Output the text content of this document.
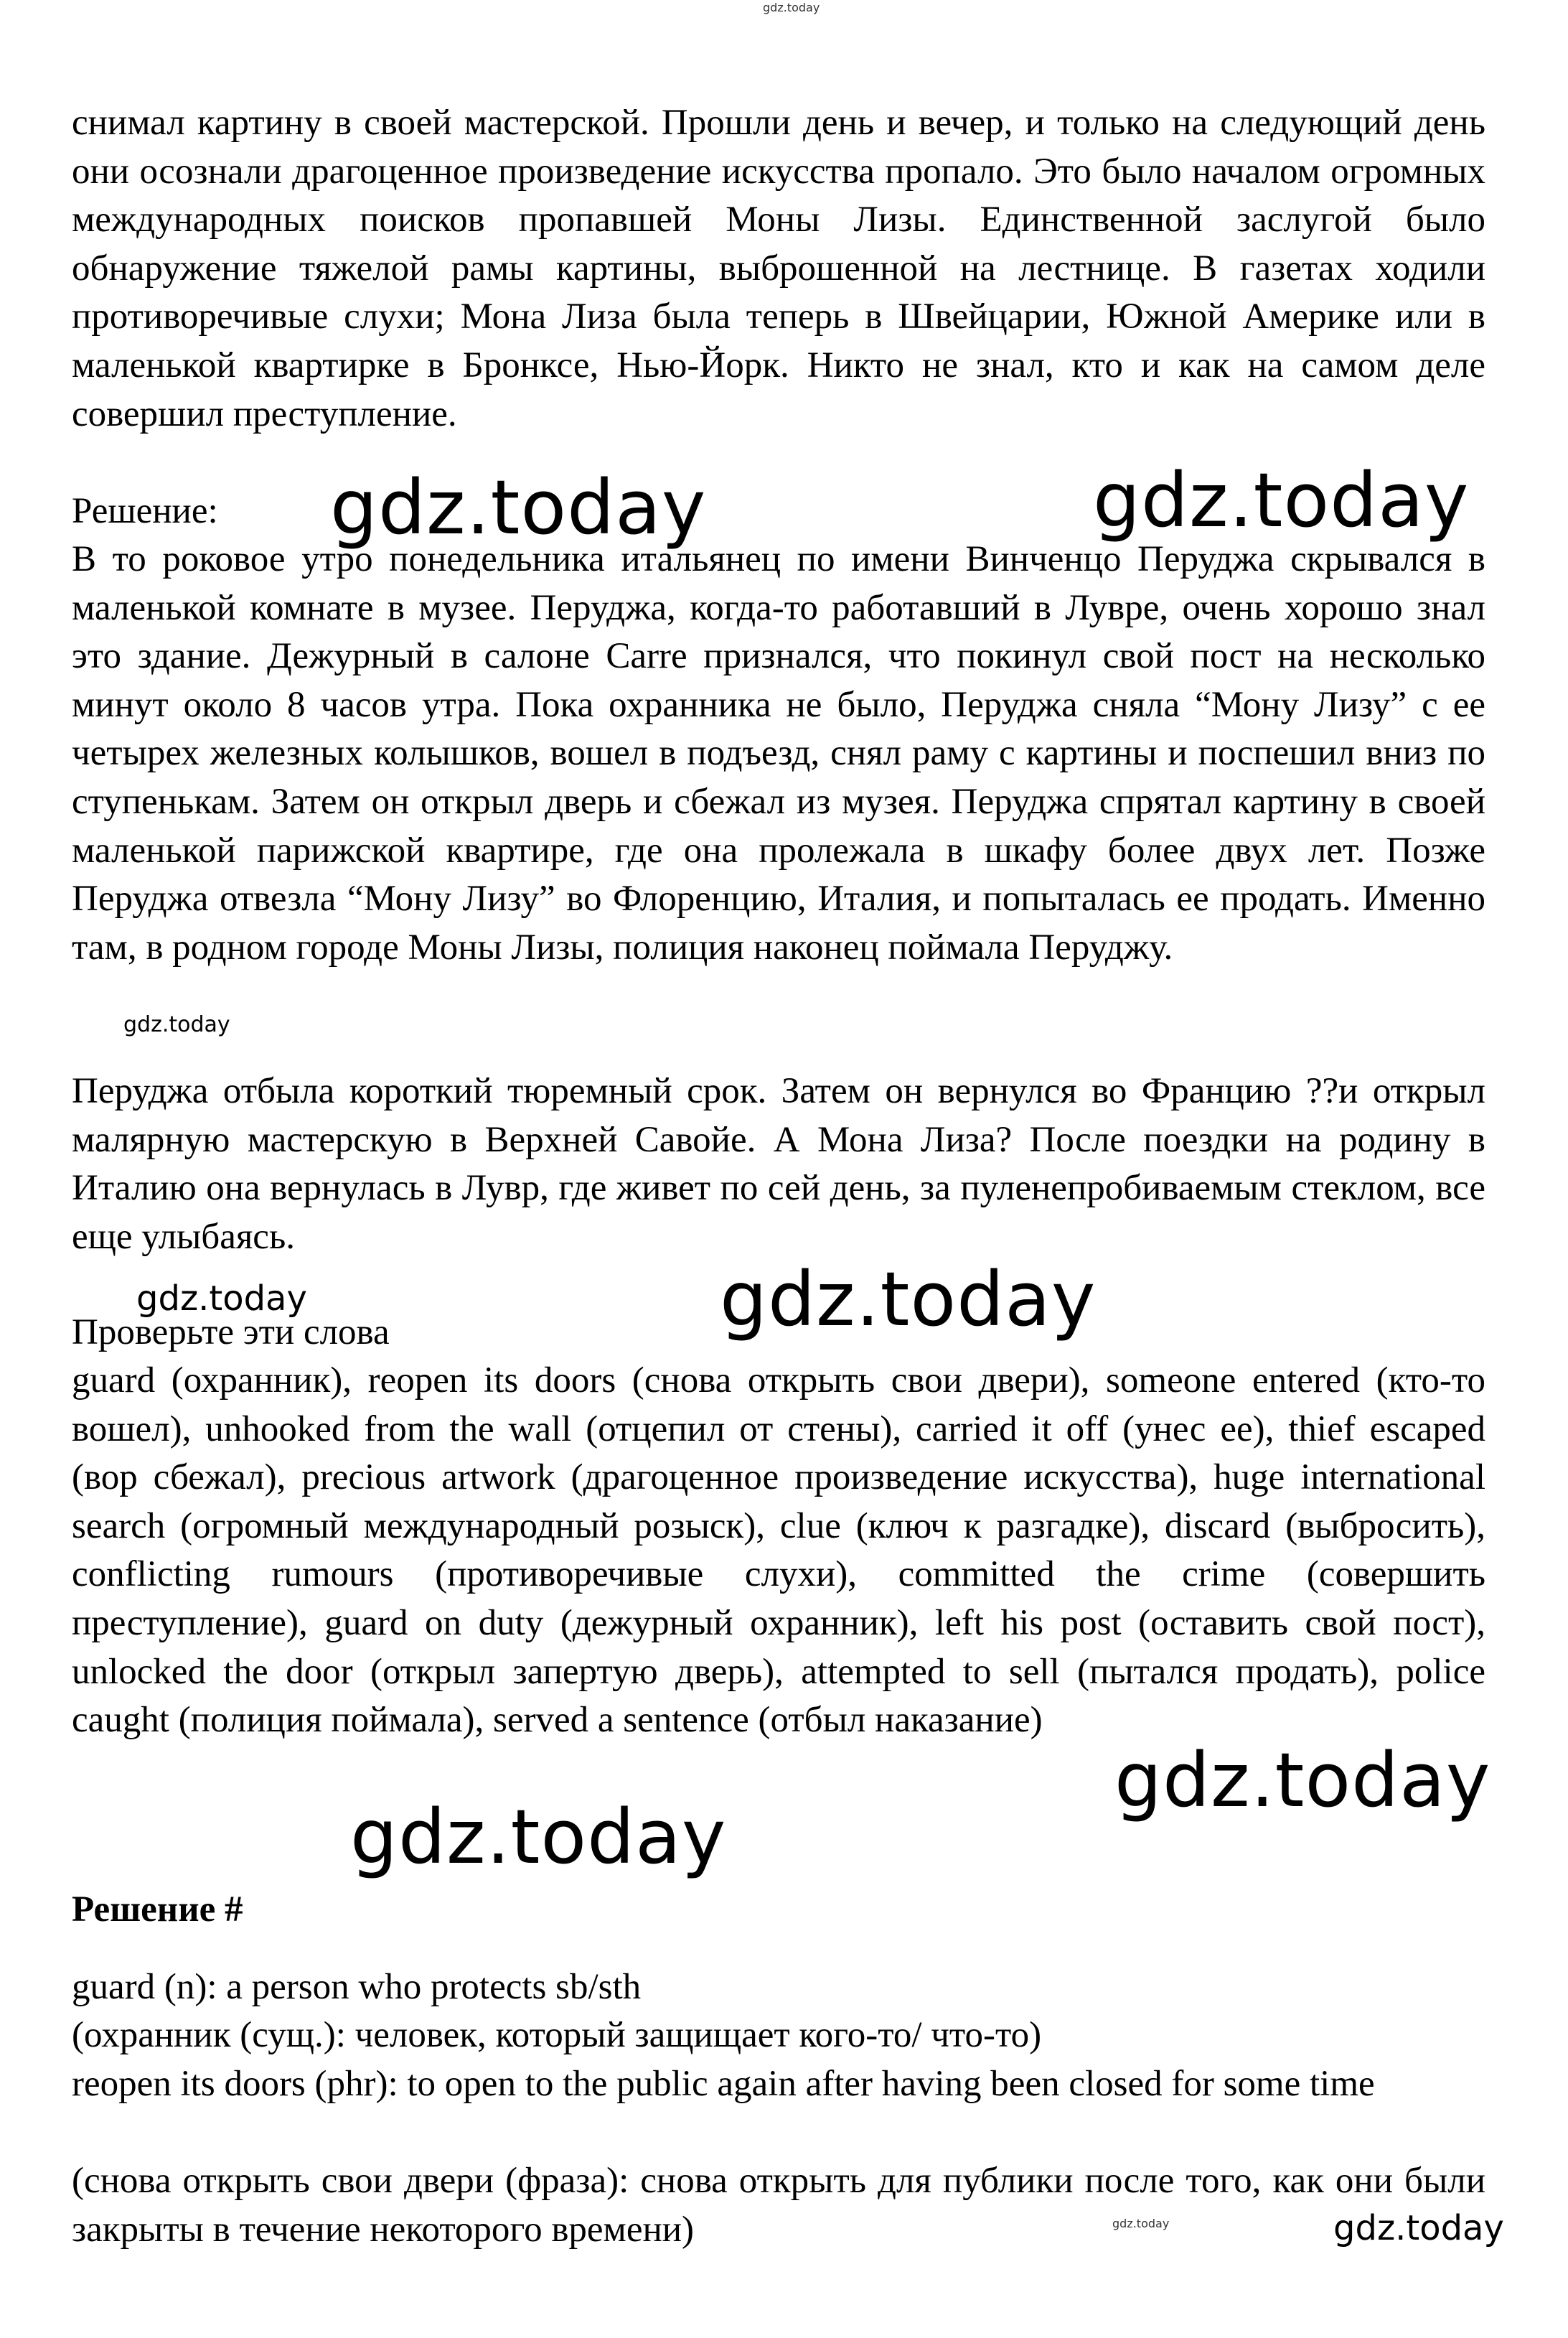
gdz.today

снимал картину в своей мастерской. Прошли день и вечер, и только на следующий день они осознали драгоценное произведение искусства пропало. Это было началом огромных международных поисков пропавшей Моны Лизы. Единственной заслугой было обнаружение тяжелой рамы картины, выброшенной на лестнице. В газетах ходили противоречивые слухи; Мона Лиза была теперь в Швейцарии, Южной Америке или в маленькой квартирке в Бронксе, Нью-Йорк. Никто не знал, кто и как на самом деле совершил преступление.

Решение: gdz.today	gdz.today

В то роковое утро понедельника итальянец по имени Винченцо Перуджа скрывался в маленькой комнате в музее. Перуджа, когда-то работавший в Лувре, очень хорошо знал это здание. Дежурный в салоне Carre признался, что покинул свой пост на несколько минут около 8 часов утра. Пока охранника не было, Перуджа сняла “Мону Лизу” с ее четырех железных колышков, вошел в подъезд, снял раму с картины и поспешил вниз по ступенькам. Затем он открыл дверь и сбежал из музея. Перуджа спрятал картину в своей маленькой парижской квартире, где она пролежала в шкафу более двух лет. Позже Перуджа отвезла “Мону Лизу” во Флоренцию, Италия, и попыталась ее продать. Именно там, в родном городе Моны Лизы, полиция наконец поймала Перуджу.

gdz.today

Перуджа отбыла короткий тюремный срок. Затем он вернулся во Францию ??и открыл малярную мастерскую в Верхней Савойе. А Мона Лиза? После поездки на родину в Италию она вернулась в Лувр, где живет по сей день, за пуленепробиваемым стеклом, все еще улыбаясь.

gdz.today	gdz.today

Проверьте эти слова

guard (охранник), reopen its doors (снова открыть свои двери), someone entered (кто-то вошел), unhooked from the wall (отцепил от стены), carried it off (унес ее), thief escaped (вор сбежал), precious artwork (драгоценное произведение искусства), huge international search (огромный международный розыск), clue (ключ к разгадке), discard (выбросить), conflicting rumours (противоречивые слухи), committed the crime (совершить преступление), guard on duty (дежурный охранник), left his post (оставить свой пост), unlocked the door (открыл запертую дверь), attempted to sell (пытался продать), police caught (полиция поймала), served a sentence (отбыл наказание)

gdz.today
gdz.today

Решение #

guard (n): a person who protects sb/sth

(охранник (сущ.): человек, который защищает кого-то/ что-то)

reopen its doors (phr): to open to the public again after having been closed for some time

(снова открыть свои двери (фраза): снова открыть для публики после того, как они были закрыты в течение некоторого времени)	gdz.today	gdz.today
